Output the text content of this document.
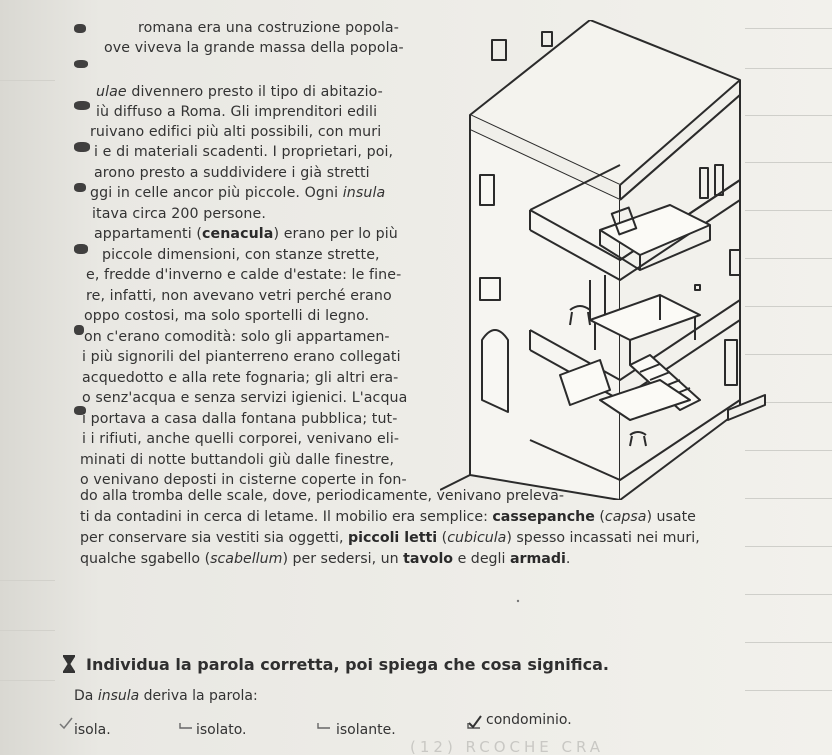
romana era una costruzione popola-
ove viveva la grande massa della popola-
ulae divennero presto il tipo di abitazio-
iù diffuso a Roma. Gli imprenditori edili
ruivano edifici più alti possibili, con muri
i e di materiali scadenti. I proprietari, poi,
arono presto a suddividere i già stretti
ggi in celle ancor più piccole. Ogni insula
itava circa 200 persone.
appartamenti (cenacula) erano per lo più
piccole dimensioni, con stanze strette,
e, fredde d'inverno e calde d'estate: le fine-
re, infatti, non avevano vetri perché erano
oppo costosi, ma solo sportelli di legno.
on c'erano comodità: solo gli appartamen-
i più signorili del pianterreno erano collegati
acquedotto e alla rete fognaria; gli altri era-
o senz'acqua e senza servizi igienici. L'acqua
i portava a casa dalla fontana pubblica; tut-
i i rifiuti, anche quelli corporei, venivano eli-
minati di notte buttandoli giù dalle finestre,
o venivano deposti in cisterne coperte in fon-
do alla tromba delle scale, dove, periodicamente, venivano preleva-
ti da contadini in cerca di letame. Il mobilio era semplice: cassepanche (capsa) usate
per conservare sia vestiti sia oggetti, piccoli letti (cubicula) spesso incassati nei muri,
qualche sgabello (scabellum) per sedersi, un tavolo e degli armadi.
Individua la parola corretta, poi spiega che cosa significa.
Da insula deriva la parola:
isola.	isolato.	isolante.
condominio.
(12) RCOCHE CRA
